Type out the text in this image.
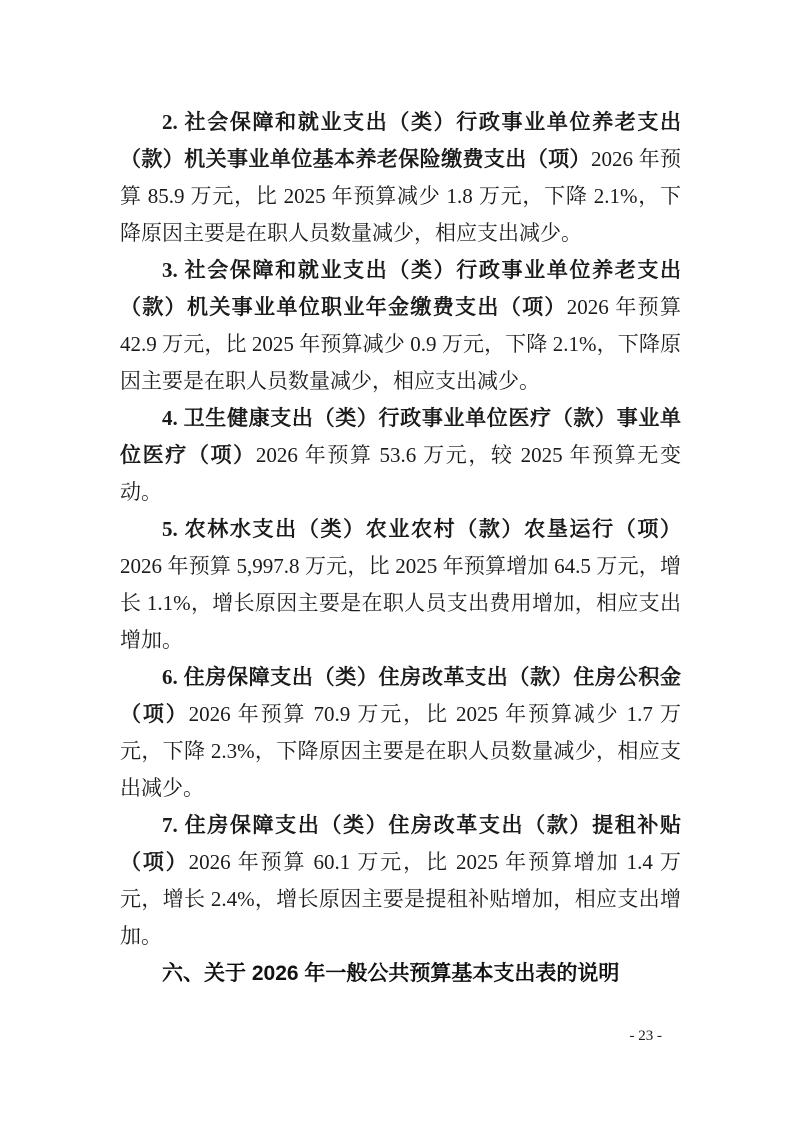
2. 社会保障和就业支出（类）行政事业单位养老支出（款）机关事业单位基本养老保险缴费支出（项）2026 年预算 85.9 万元，比 2025 年预算减少 1.8 万元，下降 2.1%，下降原因主要是在职人员数量减少，相应支出减少。

3. 社会保障和就业支出（类）行政事业单位养老支出（款）机关事业单位职业年金缴费支出（项）2026 年预算 42.9 万元，比 2025 年预算减少 0.9 万元，下降 2.1%，下降原因主要是在职人员数量减少，相应支出减少。

4. 卫生健康支出（类）行政事业单位医疗（款）事业单位医疗（项）2026 年预算 53.6 万元，较 2025 年预算无变动。

5. 农林水支出（类）农业农村（款）农垦运行（项）2026 年预算 5,997.8 万元，比 2025 年预算增加 64.5 万元，增长 1.1%，增长原因主要是在职人员支出费用增加，相应支出增加。

6. 住房保障支出（类）住房改革支出（款）住房公积金（项）2026 年预算 70.9 万元，比 2025 年预算减少 1.7 万元，下降 2.3%，下降原因主要是在职人员数量减少，相应支出减少。

7. 住房保障支出（类）住房改革支出（款）提租补贴（项）2026 年预算 60.1 万元，比 2025 年预算增加 1.4 万元，增长 2.4%，增长原因主要是提租补贴增加，相应支出增加。

六、关于 2026 年一般公共预算基本支出表的说明

- 23 -
